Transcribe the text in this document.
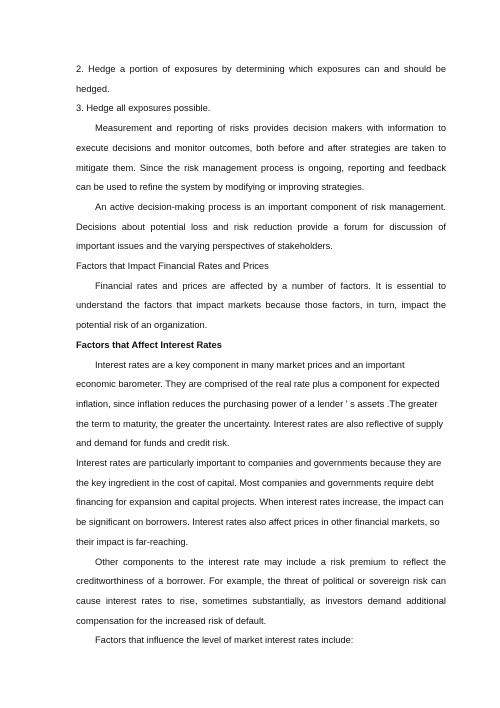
2. Hedge a portion of exposures by determining which exposures can and should be hedged.

3. Hedge all exposures possible.

Measurement and reporting of risks provides decision makers with information to execute decisions and monitor outcomes, both before and after strategies are taken to mitigate them. Since the risk management process is ongoing, reporting and feedback can be used to refine the system by modifying or improving strategies.

An active decision-making process is an important component of risk management. Decisions about potential loss and risk reduction provide a forum for discussion of important issues and the varying perspectives of stakeholders.

Factors that Impact Financial Rates and Prices

Financial rates and prices are affected by a number of factors. It is essential to understand the factors that impact markets because those factors, in turn, impact the potential risk of an organization.

Factors that Affect Interest Rates

Interest rates are a key component in many market prices and an important economic barometer. They are comprised of the real rate plus a component for expected inflation, since inflation reduces the purchasing power of a lender ' s assets .The greater the term to maturity, the greater the uncertainty. Interest rates are also reflective of supply and demand for funds and credit risk.

Interest rates are particularly important to companies and governments because they are the key ingredient in the cost of capital. Most companies and governments require debt financing for expansion and capital projects. When interest rates increase, the impact can be significant on borrowers. Interest rates also affect prices in other financial markets, so their impact is far-reaching.

Other components to the interest rate may include a risk premium to reflect the creditworthiness of a borrower. For example, the threat of political or sovereign risk can cause interest rates to rise, sometimes substantially, as investors demand additional compensation for the increased risk of default.

Factors that influence the level of market interest rates include:
